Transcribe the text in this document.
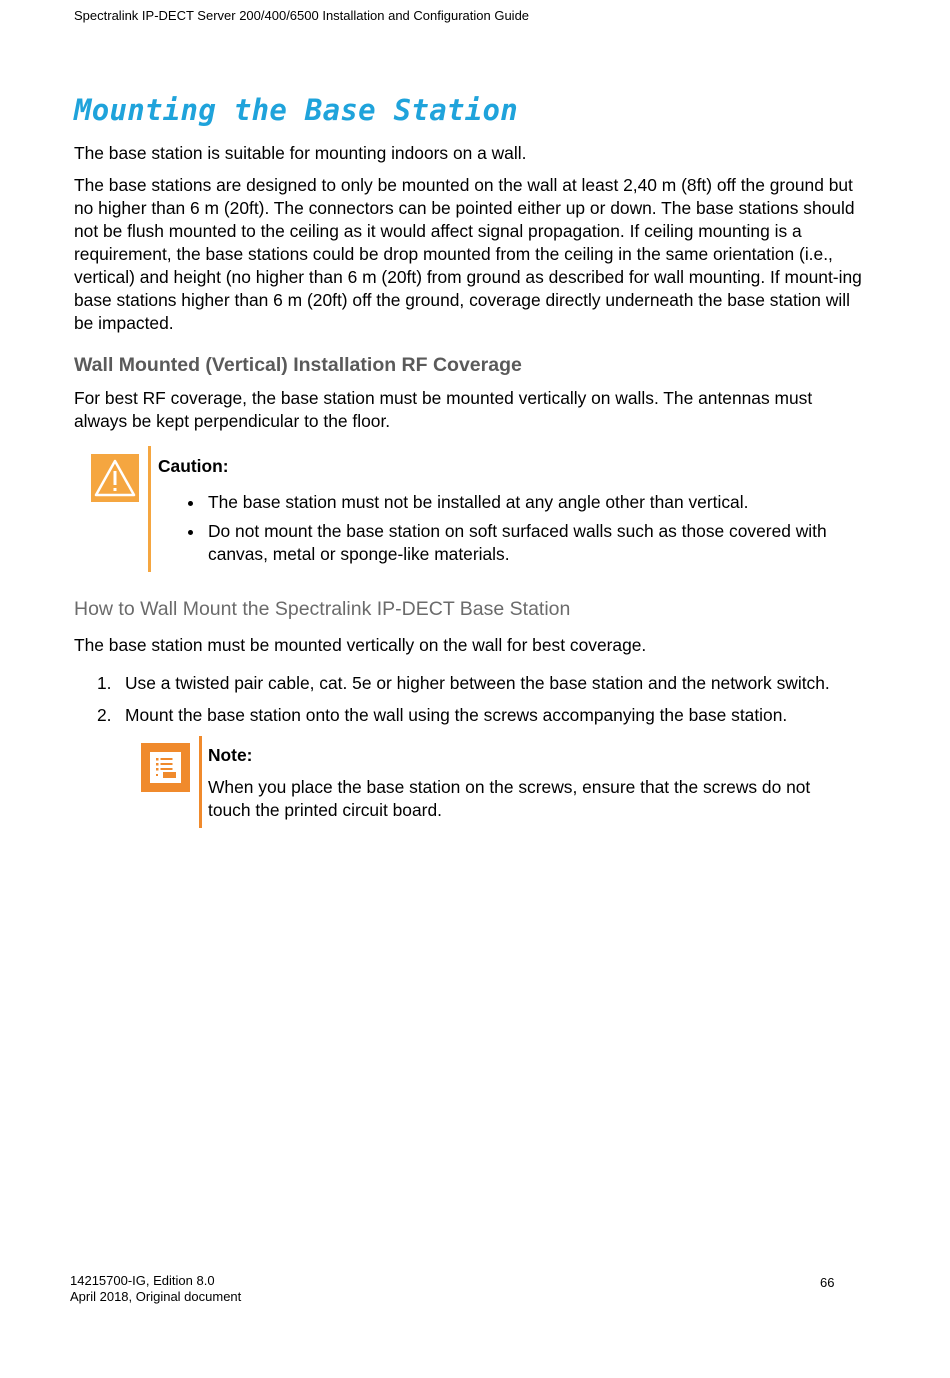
Spectralink IP-DECT Server 200/400/6500 Installation and Configuration Guide
Mounting the Base Station

The base station is suitable for mounting indoors on a wall.

The base stations are designed to only be mounted on the wall at least 2,40 m (8ft) off the ground but no higher than 6 m (20ft). The connectors can be pointed either up or down. The base stations should not be flush mounted to the ceiling as it would affect signal propagation. If ceiling mounting is a requirement, the base stations could be drop mounted from the ceiling in the same orientation (i.e., vertical) and height (no higher than 6 m (20ft) from ground as described for wall mounting. If mount-ing base stations higher than 6 m (20ft) off the ground, coverage directly underneath the base station will be impacted.

Wall Mounted (Vertical) Installation RF Coverage

For best RF coverage, the base station must be mounted vertically on walls. The antennas must always be kept perpendicular to the floor.

Caution:
The base station must not be installed at any angle other than vertical.
Do not mount the base station on soft surfaced walls such as those covered with canvas, metal or sponge-like materials.
How to Wall Mount the Spectralink IP-DECT Base Station

The base station must be mounted vertically on the wall for best coverage.

1. Use a twisted pair cable, cat. 5e or higher between the base station and the network switch.
2. Mount the base station onto the wall using the screws accompanying the base station.
Note:
When you place the base station on the screws, ensure that the screws do not touch the printed circuit board.
14215700-IG, Edition 8.0
April 2018, Original document
66
